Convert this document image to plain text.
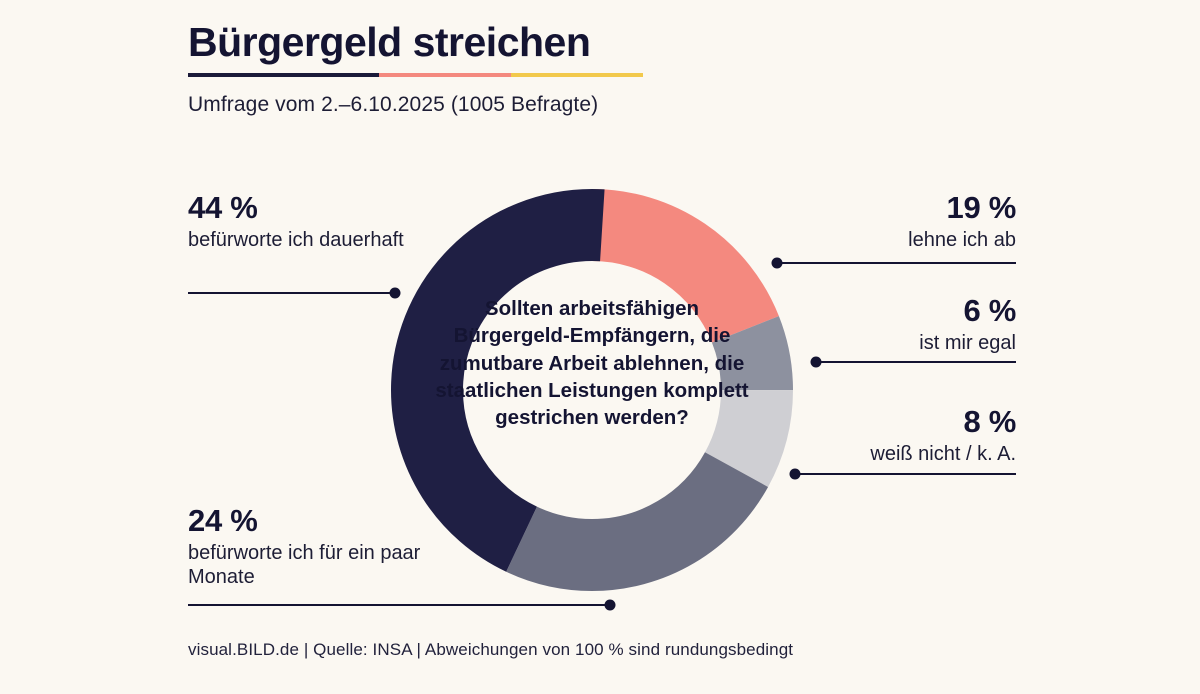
Bürgergeld streichen
Umfrage vom 2.–6.10.2025 (1005 Befragte)
Sollten arbeitsfähigen Bürgergeld-Empfängern, die zumutbare Arbeit ablehnen, die staatlichen Leistungen komplett gestrichen werden?
44 %
befürworte ich dauerhaft
24 %
befürworte ich für ein paar Monate
19 %
lehne ich ab
6 %
ist mir egal
8 %
weiß nicht / k. A.
visual.BILD.de | Quelle: INSA | Abweichungen von 100 % sind rundungsbedingt
